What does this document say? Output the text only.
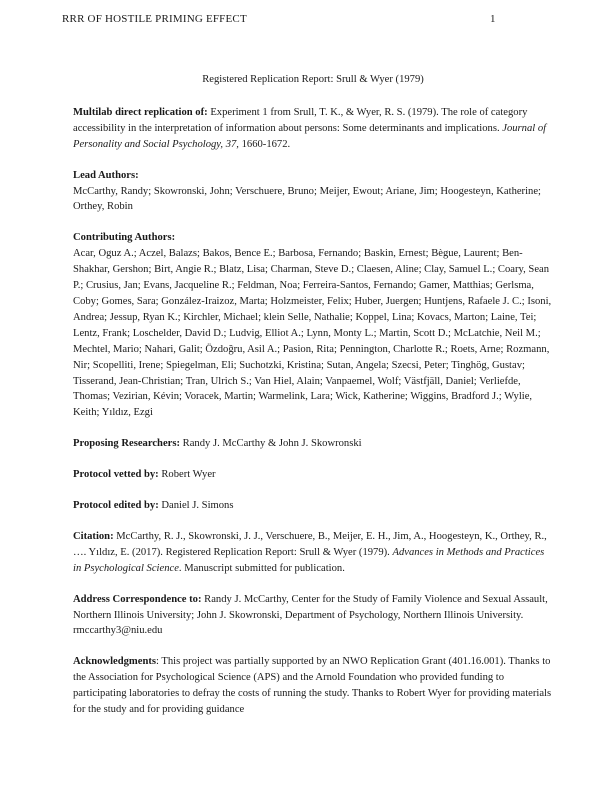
RRR OF HOSTILE PRIMING EFFECT	1

Registered Replication Report: Srull & Wyer (1979)

Multilab direct replication of: Experiment 1 from Srull, T. K., & Wyer, R. S. (1979). The role of category accessibility in the interpretation of information about persons: Some determinants and implications. Journal of Personality and Social Psychology, 37, 1660-1672.

Lead Authors:
McCarthy, Randy; Skowronski, John; Verschuere, Bruno; Meijer, Ewout; Ariane, Jim; Hoogesteyn, Katherine; Orthey, Robin
Contributing Authors:
Acar, Oguz A.; Aczel, Balazs; Bakos, Bence E.; Barbosa, Fernando; Baskin, Ernest; Bègue, Laurent; Ben-Shakhar, Gershon; Birt, Angie R.; Blatz, Lisa; Charman, Steve D.; Claesen, Aline; Clay, Samuel L.; Coary, Sean P.; Crusius, Jan; Evans, Jacqueline R.; Feldman, Noa; Ferreira-Santos, Fernando; Gamer, Matthias; Gerlsma, Coby; Gomes, Sara; González-Iraizoz, Marta; Holzmeister, Felix; Huber, Juergen; Huntjens, Rafaele J. C.; Isoni, Andrea; Jessup, Ryan K.; Kirchler, Michael; klein Selle, Nathalie; Koppel, Lina; Kovacs, Marton; Laine, Tei; Lentz, Frank; Loschelder, David D.; Ludvig, Elliot A.; Lynn, Monty L.; Martin, Scott D.; McLatchie, Neil M.; Mechtel, Mario; Nahari, Galit; Özdoğru, Asil A.; Pasion, Rita; Pennington, Charlotte R.; Roets, Arne; Rozmann, Nir; Scopelliti, Irene; Spiegelman, Eli; Suchotzki, Kristina; Sutan, Angela; Szecsi, Peter; Tinghög, Gustav; Tisserand, Jean-Christian; Tran, Ulrich S.; Van Hiel, Alain; Vanpaemel, Wolf; Västfjäll, Daniel; Verliefde, Thomas; Vezirian, Kévin; Voracek, Martin; Warmelink, Lara; Wick, Katherine; Wiggins, Bradford J.; Wylie, Keith; Yıldız, Ezgi

Proposing Researchers: Randy J. McCarthy & John J. Skowronski

Protocol vetted by: Robert Wyer

Protocol edited by: Daniel J. Simons

Citation: McCarthy, R. J., Skowronski, J. J., Verschuere, B., Meijer, E. H., Jim, A., Hoogesteyn, K., Orthey, R., …. Yıldız, E. (2017). Registered Replication Report: Srull & Wyer (1979). Advances in Methods and Practices in Psychological Science. Manuscript submitted for publication.

Address Correspondence to: Randy J. McCarthy, Center for the Study of Family Violence and Sexual Assault, Northern Illinois University; John J. Skowronski, Department of Psychology, Northern Illinois University. rmccarthy3@niu.edu

Acknowledgments: This project was partially supported by an NWO Replication Grant (401.16.001). Thanks to the Association for Psychological Science (APS) and the Arnold Foundation who provided funding to participating laboratories to defray the costs of running the study. Thanks to Robert Wyer for providing materials for the study and for providing guidance
